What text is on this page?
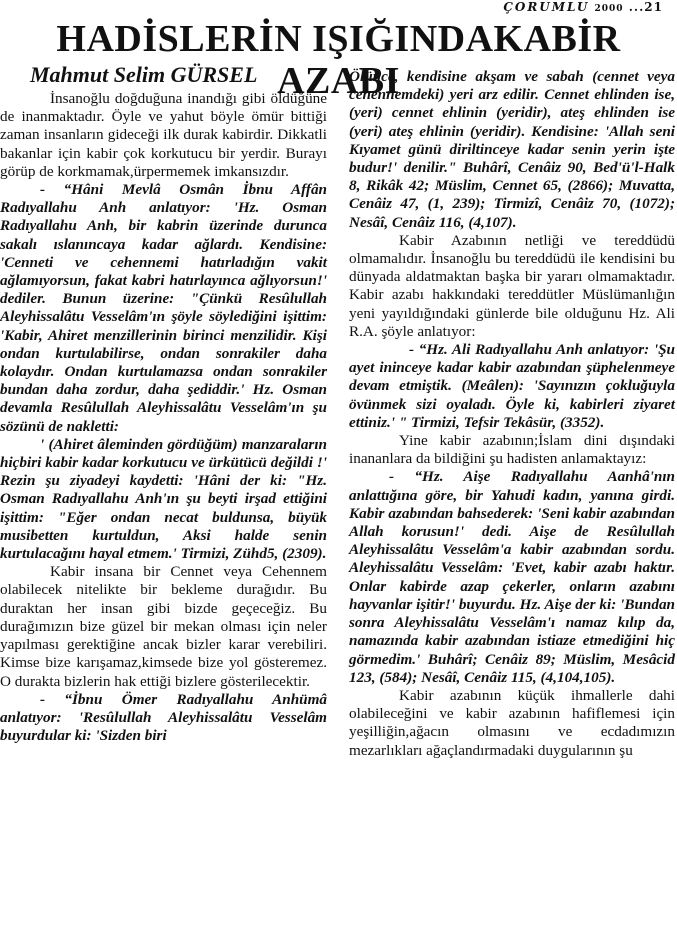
ÇORUMLU 2000 ...21
HADİSLERİN IŞIĞINDAKABİR AZABI
Mahmut Selim GÜRSEL

İnsanoğlu doğduğuna inandığı gibi öldüğüne de inanmaktadır. Öyle ve yahut böyle ömür bittiği zaman insanların gideceği ilk durak kabirdir. Dikkatli bakanlar için kabir çok korkutucu bir yerdir. Burayı görüp de korkmamak,ürpermemek imkansızdır.

- “Hâni Mevlâ Osmân İbnu Affân Radıyallahu Anh anlatıyor: 'Hz. Osman Radıyallahu Anh, bir kabrin üzerinde durunca sakalı ıslanıncaya kadar ağlardı. Kendisine: 'Cenneti ve cehennemi hatırladığın vakit ağlamıyorsun, fakat kabri hatırlayınca ağlıyorsun!' dediler. Bunun üzerine: "Çünkü Resûlullah Aleyhissalâtu Vesselâm'ın şöyle söylediğini işittim: 'Kabir, Ahiret menzillerinin birinci menzilidir. Kişi ondan kurtulabilirse, ondan sonrakiler daha kolaydır. Ondan kurtulamazsa ondan sonrakiler bundan daha zordur, daha şediddir.' Hz. Osman devamla Resûlullah Aleyhissalâtu Vesselâm'ın şu sözünü de nakletti:

' (Ahiret âleminden gördüğüm) manzaraların hiçbiri kabir kadar korkutucu ve ürkütücü değildi !' Rezin şu ziyadeyi kaydetti: 'Hâni der ki: "Hz. Osman Radıyallahu Anh'ın şu beyti irşad ettiğini işittim: "Eğer ondan necat buldunsa, büyük musibetten kurtuldun, Aksi halde senin kurtulacağını hayal etmem.' Tirmizi, Zühd5, (2309).

Kabir insana bir Cennet veya Cehennem olabilecek nitelikte bir bekleme durağıdır. Bu duraktan her insan gibi bizde geçeceğiz. Bu durağımızın bize güzel bir mekan olması için neler yapılması gerektiğine ancak bizler karar verebiliri. Kimse bize karışamaz,kimsede bize yol gösteremez. O durakta bizlerin hak ettiği bizlere gösterilecektir.

- “İbnu Ömer Radıyallahu Anhümâ anlatıyor: 'Resûlullah Aleyhissalâtu Vesselâm buyurdular ki: 'Sizden biri

Ölünce, kendisine akşam ve sabah (cennet veya cehennemdeki) yeri arz edilir. Cennet ehlinden ise, (yeri) cennet ehlinin (yeridir), ateş ehlinden ise (yeri) ateş ehlinin (yeridir). Kendisine: 'Allah seni Kıyamet günü diriltinceye kadar senin yerin işte budur!' denilir." Buhârî, Cenâiz 90, Bed'ü'l-Halk 8, Rikâk 42; Müslim, Cennet 65, (2866); Muvatta, Cenâiz 47, (1, 239); Tirmizî, Cenâiz 70, (1072); Nesâî, Cenâiz 116, (4,107).

Kabir Azabının netliği ve tereddüdü olmamalıdır. İnsanoğlu bu tereddüdü ile kendisini bu dünyada aldatmaktan başka bir yararı olmamaktadır. Kabir azabı hakkındaki tereddütler Müslümanlığın yeni yayıldığındaki günlerde bile olduğunu Hz. Ali R.A. şöyle anlatıyor:

- “Hz. Ali Radıyallahu Anh anlatıyor: 'Şu ayet ininceye kadar kabir azabından şüphelenmeye devam etmiştik. (Meâlen): 'Sayınızın çokluğuyla övünmek sizi oyaladı. Öyle ki, kabirleri ziyaret ettiniz.' " Tirmizi, Tefsir Tekâsür, (3352).

Yine kabir azabının;İslam dini dışındaki inananlara da bildiğini şu hadisten anlamaktayız:

- “Hz. Aişe Radıyallahu Aanhâ'nın anlattığına göre, bir Yahudi kadın, yanına girdi. Kabir azabından bahsederek: 'Seni kabir azabından Allah korusun!' dedi. Aişe de Resûlullah Aleyhissalâtu Vesselâm'a kabir azabından sordu. Aleyhissalâtu Vesselâm: 'Evet, kabir azabı haktır. Onlar kabirde azap çekerler, onların azabını hayvanlar işitir!' buyurdu. Hz. Aişe der ki: 'Bundan sonra Aleyhissalâtu Vesselâm'ı namaz kılıp da, namazında kabir azabından istiaze etmediğini hiç görmedim.' Buhârî; Cenâiz 89; Müslim, Mesâcid 123, (584); Nesâî, Cenâiz 115, (4,104,105).

Kabir azabının küçük ihmallerle dahi olabileceğini ve kabir azabının hafiflemesi için yeşilliğin,ağacın olmasını ve ecdadımızın mezarlıkları ağaçlandırmadaki duygularının şu
